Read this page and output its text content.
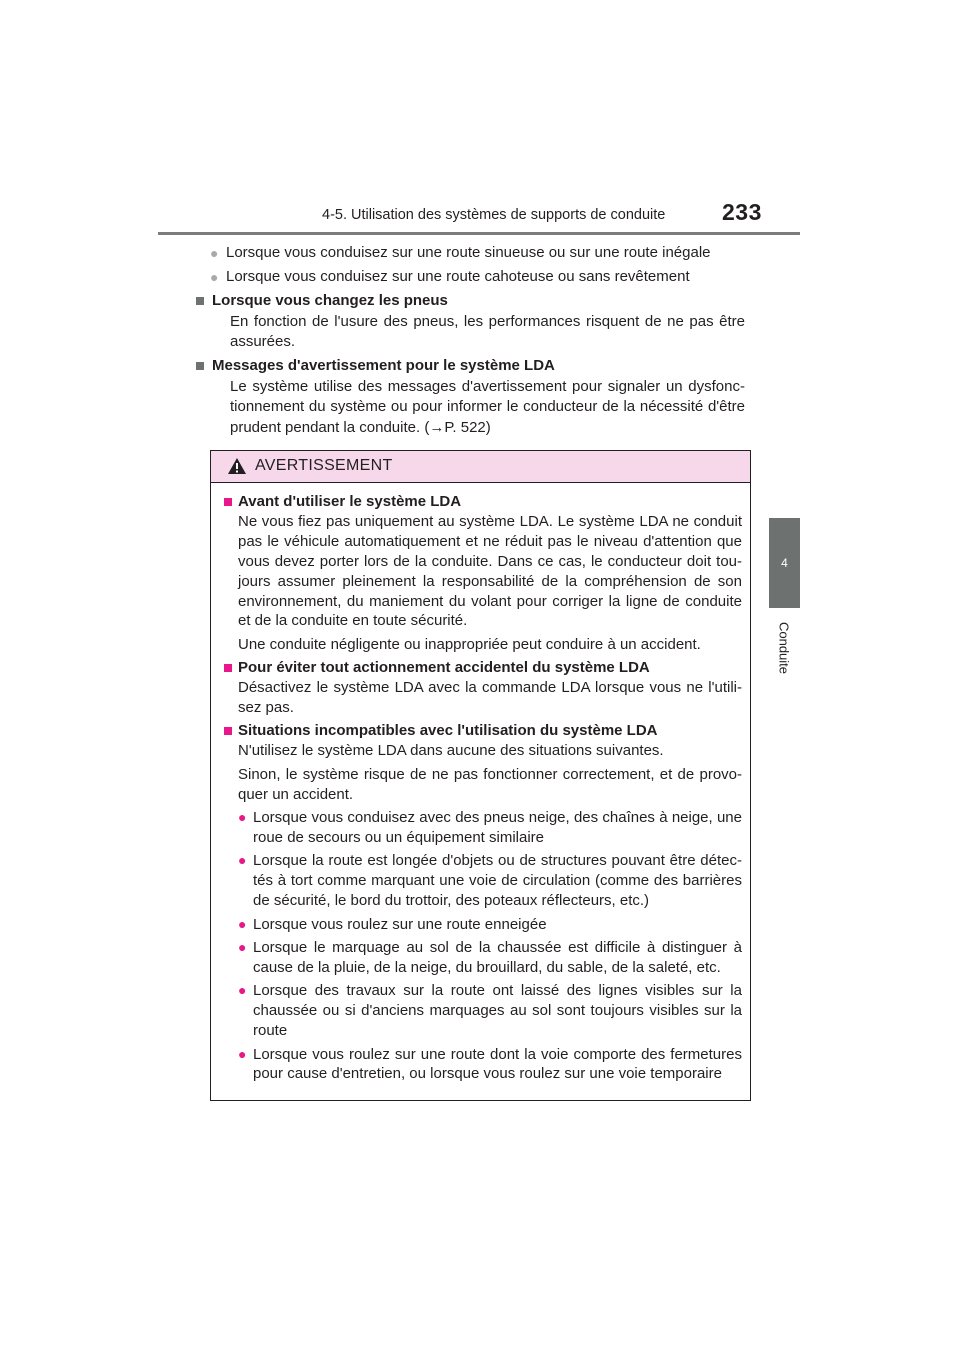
4-5. Utilisation des systèmes de supports de conduite 233
4
Conduite
● Lorsque vous conduisez sur une route sinueuse ou sur une route inégale
● Lorsque vous conduisez sur une route cahoteuse ou sans revêtement
Lorsque vous changez les pneus

En fonction de l'usure des pneus, les performances risquent de ne pas être assurées.

Messages d'avertissement pour le système LDA

Le système utilise des messages d'avertissement pour signaler un dysfonc-tionnement du système ou pour informer le conducteur de la nécessité d'être prudent pendant la conduite. (→P. 522)

AVERTISSEMENT
Avant d'utiliser le système LDA

Ne vous fiez pas uniquement au système LDA. Le système LDA ne conduit pas le véhicule automatiquement et ne réduit pas le niveau d'attention que vous devez porter lors de la conduite. Dans ce cas, le conducteur doit tou-jours assumer pleinement la responsabilité de la compréhension de son environnement, du maniement du volant pour corriger la ligne de conduite et de la conduite en toute sécurité.

Une conduite négligente ou inappropriée peut conduire à un accident.

Pour éviter tout actionnement accidentel du système LDA

Désactivez le système LDA avec la commande LDA lorsque vous ne l'utili-sez pas.

Situations incompatibles avec l'utilisation du système LDA

N'utilisez le système LDA dans aucune des situations suivantes.

Sinon, le système risque de ne pas fonctionner correctement, et de provo-quer un accident.

● Lorsque vous conduisez avec des pneus neige, des chaînes à neige, une roue de secours ou un équipement similaire
● Lorsque la route est longée d'objets ou de structures pouvant être détec-tés à tort comme marquant une voie de circulation (comme des barrières de sécurité, le bord du trottoir, des poteaux réflecteurs, etc.)
● Lorsque vous roulez sur une route enneigée
● Lorsque le marquage au sol de la chaussée est difficile à distinguer à cause de la pluie, de la neige, du brouillard, du sable, de la saleté, etc.
● Lorsque des travaux sur la route ont laissé des lignes visibles sur la chaussée ou si d'anciens marquages au sol sont toujours visibles sur la route
● Lorsque vous roulez sur une route dont la voie comporte des fermetures pour cause d'entretien, ou lorsque vous roulez sur une voie temporaire
